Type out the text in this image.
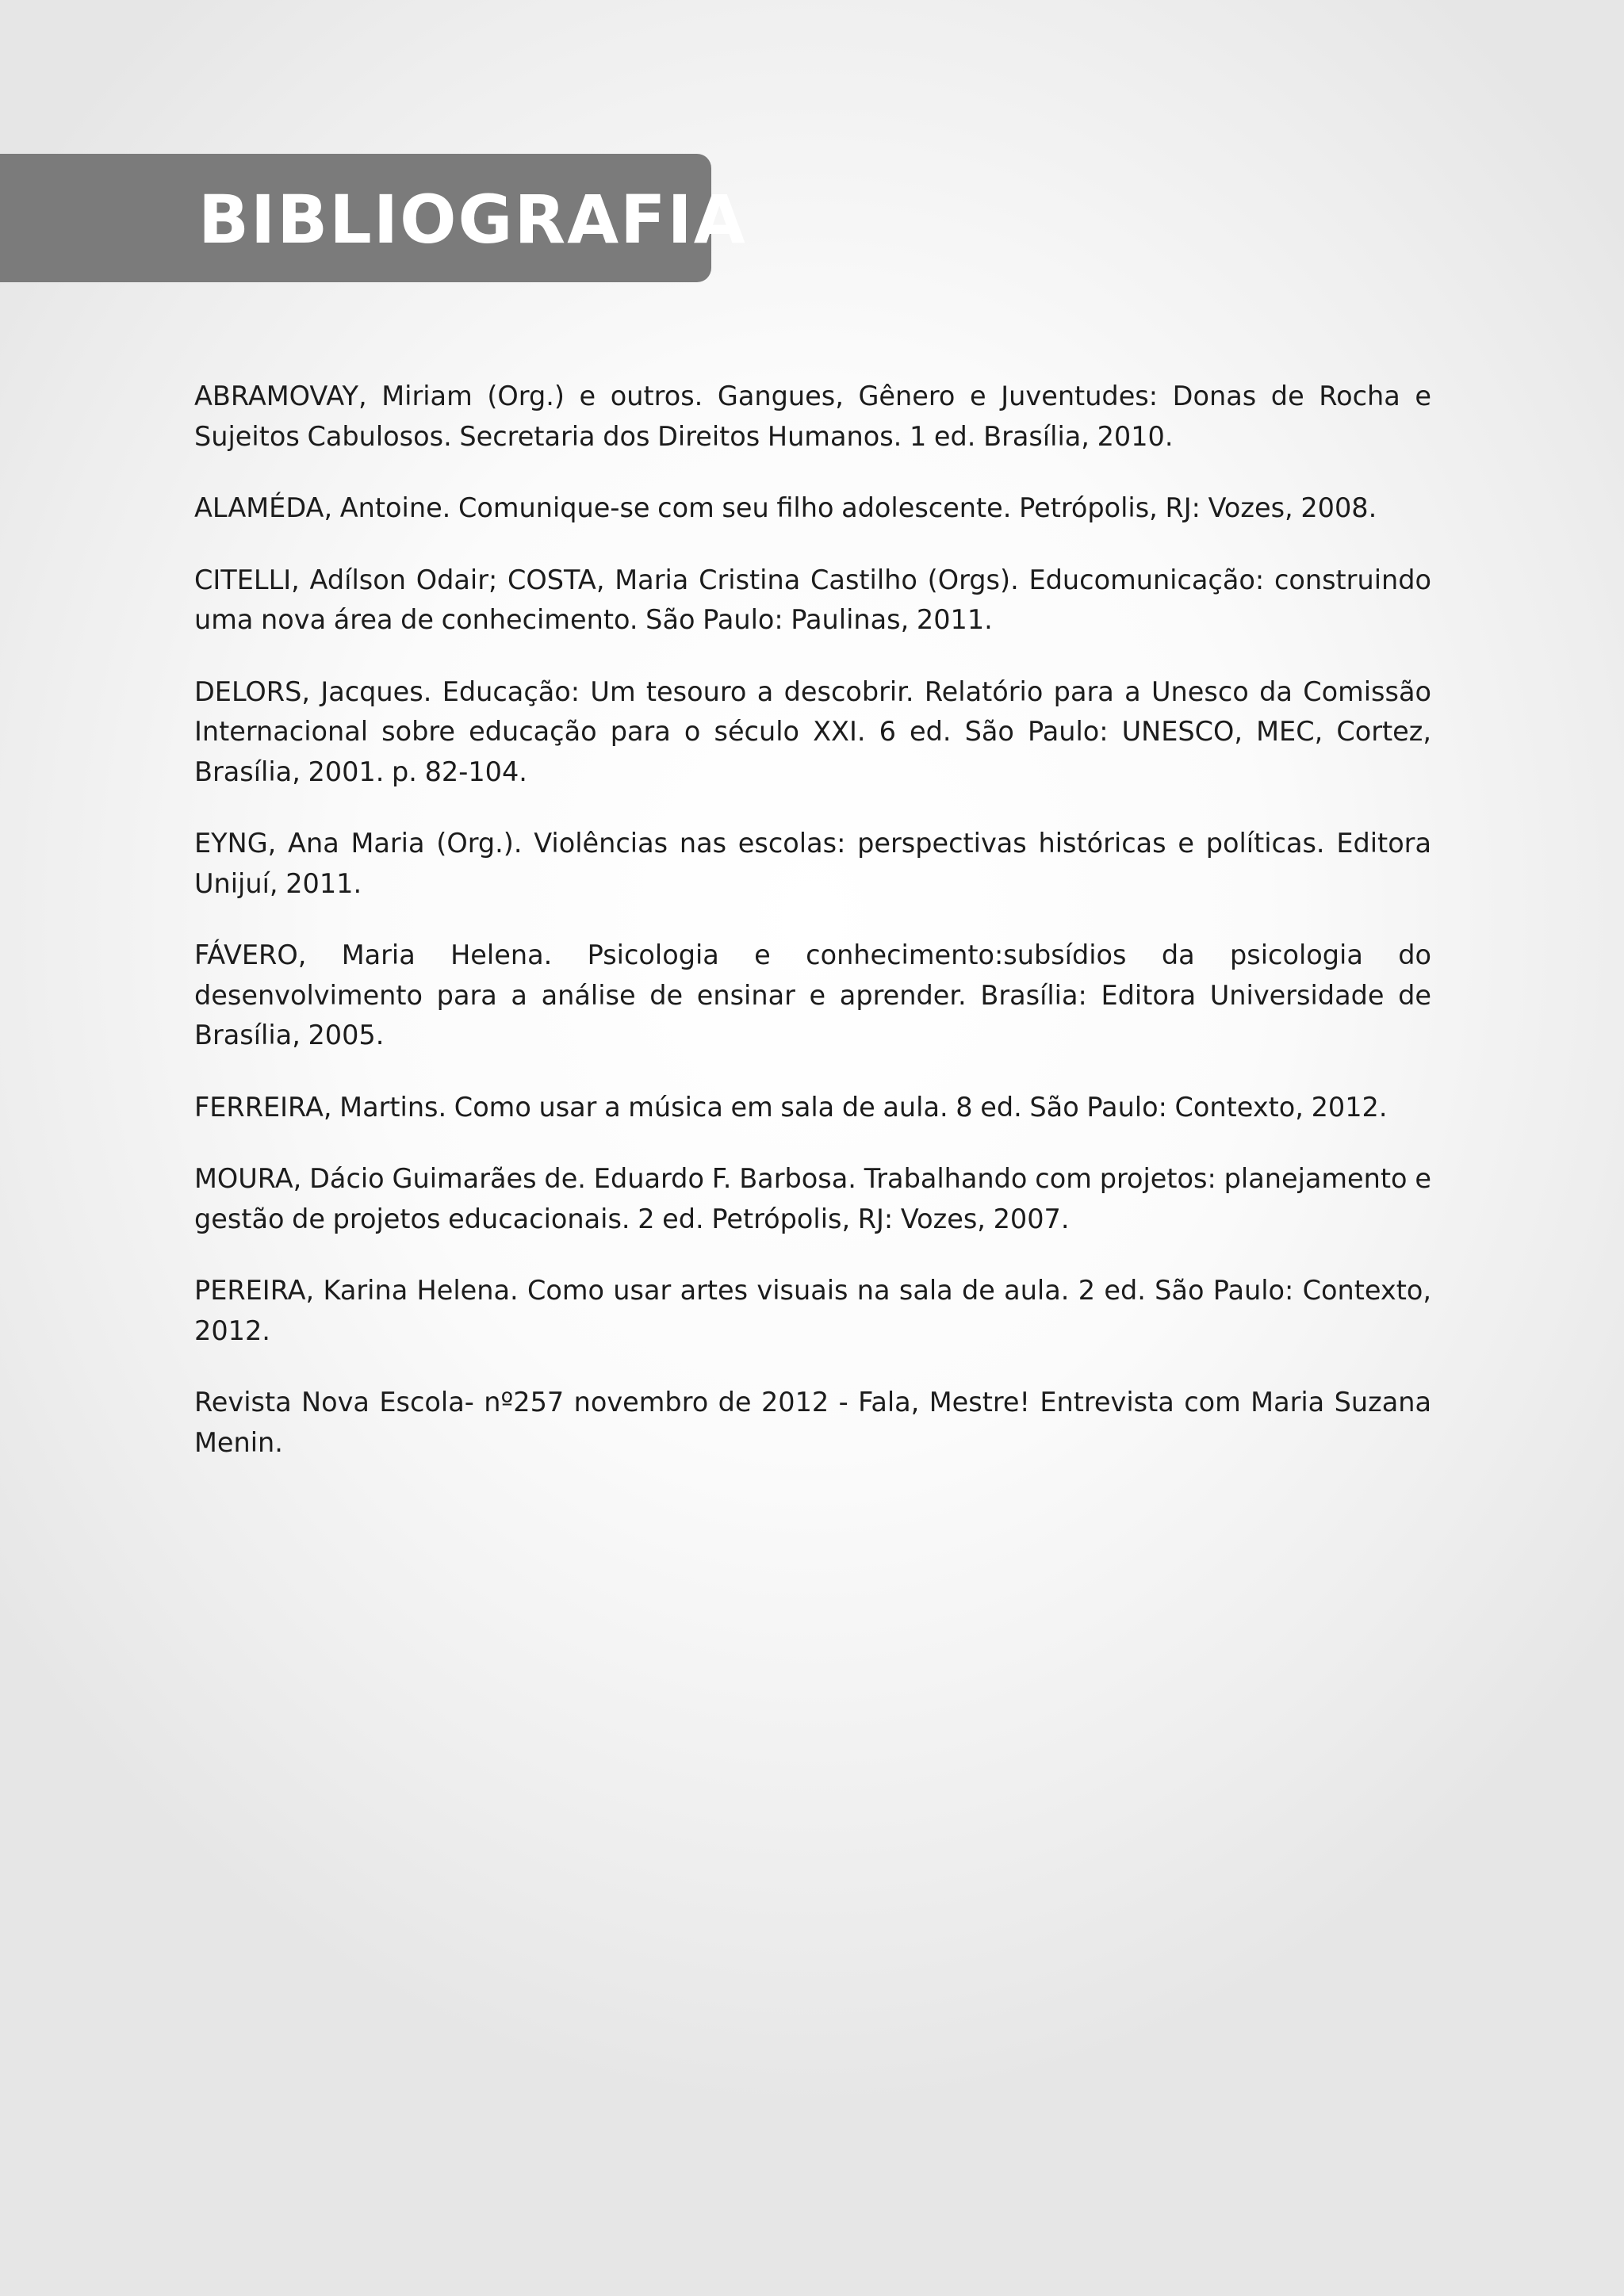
BIBLIOGRAFIA
ABRAMOVAY, Miriam (Org.) e outros. Gangues, Gênero e Juventudes: Donas de Rocha e Sujeitos Cabulosos. Secretaria dos Direitos Humanos. 1 ed. Brasília, 2010.
ALAMÉDA, Antoine. Comunique-se com seu filho adolescente. Petrópolis, RJ: Vozes, 2008.
CITELLI, Adílson Odair; COSTA, Maria Cristina Castilho (Orgs). Educomunicação: construindo uma nova área de conhecimento. São Paulo: Paulinas, 2011.
DELORS, Jacques. Educação: Um tesouro a descobrir. Relatório para a Unesco da Comissão Internacional sobre educação para o século XXI. 6 ed. São Paulo: UNESCO, MEC, Cortez, Brasília, 2001. p. 82-104.
EYNG, Ana Maria (Org.). Violências nas escolas: perspectivas históricas e políticas. Editora Unijuí, 2011.
FÁVERO, Maria Helena. Psicologia e conhecimento:subsídios da psicologia do desenvolvimento para a análise de ensinar e aprender. Brasília: Editora Universidade de Brasília, 2005.
FERREIRA, Martins. Como usar a música em sala de aula. 8 ed. São Paulo: Contexto, 2012.
MOURA, Dácio Guimarães de. Eduardo F. Barbosa. Trabalhando com projetos: planejamento e gestão de projetos educacionais. 2 ed. Petrópolis, RJ: Vozes, 2007.
PEREIRA, Karina Helena. Como usar artes visuais na sala de aula. 2 ed. São Paulo: Contexto, 2012.
Revista Nova Escola- nº257 novembro de 2012 - Fala, Mestre! Entrevista com Maria Suzana Menin.
